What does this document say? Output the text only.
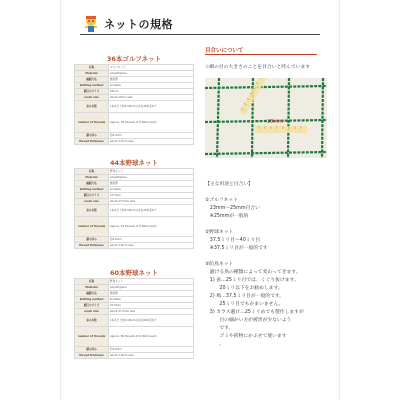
ネットの規格
36本ゴルフネット
名称	ゴルフネット
Material	polyethylene
編網方法	無結節
knitting method	knotless
網目のサイズ	25mm
mesh size	about 25mm size
糸の本数	1本あたり約0.18mmの糸を36本束ねて
number of threads	Approx. 36 threads of 0.18mm each
網の厚み	約2.4mm
thread thickness	about 2.4mm size
44本野球ネット
名称	野球ネット
Material	polyethylene
編網方法	無結節
knitting method	knotless
網目のサイズ	37.5mm
mesh size	about 37.5mm size
糸の本数	1本あたり約0.18mmの糸を44本束ねて
number of threads	Approx. 44 threads of 0.18mm each
網の厚み	約2.6mm
thread thickness	about 2.6mm size
60本野球ネット
名称	野球ネット
Material	polyethylene
編網方法	無結節
knitting method	knotless
網目のサイズ	37.5mm
mesh size	about 37.5mm size
糸の本数	1本あたり約0.18mmの糸を60本束ねて
number of threads	Approx. 60 threads of 0.18mm each
網の厚み	約3.0mm
thread thickness	about 3.0mm size
目合いについて
☆網の目の大きさのことを目合いと呼んでいます
25mm
【主な用途と目合い】
①ゴルフネット
　23mm～25mm目合い
　※25mmが一般的
②野球ネット
　37.5ミリ目～40ミリ目
　※37.5ミリ目が一般的です
③防鳥ネット
　避ける鳥の種類によって変わってきます。
　1) 雀…25ミリ目では、くぐり抜けます。
　　　20ミリ以下をお勧めします。
　2) 鳩…37.5ミリ目が一般的です。
　　　25ミリ目でもかまいません。
　3) カラス避け…25ミリめでも製作しますが
　　　目の細かい方が被害が少ないよう
　　　です。
　　　ゴミや荷物にかぶせて使います
　　　。
